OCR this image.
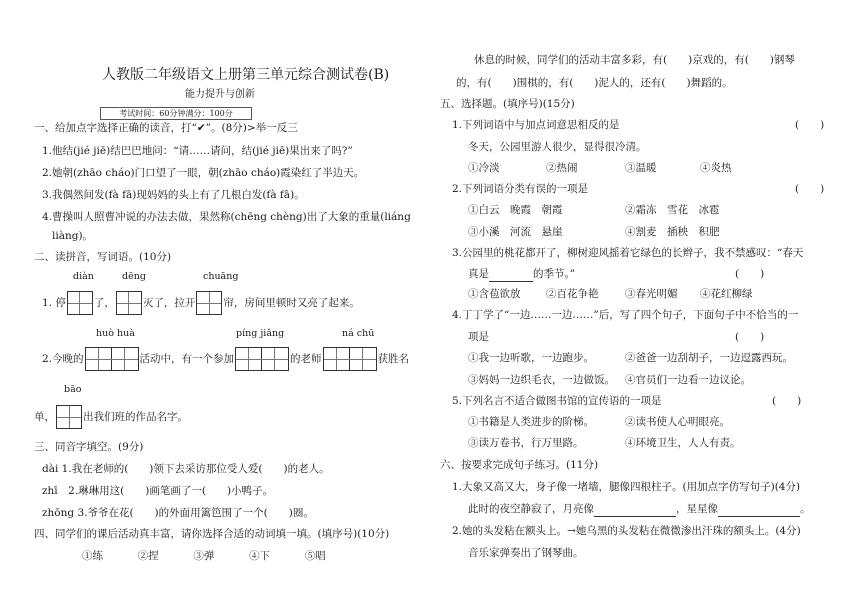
人教版二年级语文上册第三单元综合测试卷(B)
能力提升与创新
考试时间：60分钟满分：100分
一、给加点字选择正确的读音，打“✔”。(8分)>举一反三
1.他结(jié jiē)结巴巴地问：“请……请问，结(jié jiē)果出来了吗?”
2.她朝(zhāo cháo)门口望了一眼，朝(zhāo cháo)霞染红了半边天。
3.我偶然间发(fà fā)现妈妈的头上有了几根白发(fà fā)。
4.曹操叫人照曹冲说的办法去做，果然称(chēng chèng)出了大象的重量(liáng
liàng)。
二、读拼音，写词语。(10分)
diàn	dēng	chuāng
1. 停	了，	灭了，拉开	帘，房间里顿时又亮了起来。
huò huà	píng jiǎng	ná chū
2.今晚的	活动中，有一个参加	的老师	获胜名
bāo
单，	出我们班的作品名字。
三、同音字填空。(9分)
dài 1.我在老师的(　　)领下去采访那位受人爱(　　)的老人。
zhī　2.琳琳用这(　　)画笔画了一(　　)小鸭子。
zhōng 3.爷爷在花(　　)的外面用篱笆围了一个(　　)圈。
四、同学们的课后活动真丰富，请你选择合适的动词填一填。(填序号)(10分)
①练	②捏	③弹	④下	⑤唱
休息的时候，同学们的活动丰富多彩，有(　　)京戏的，有(　　)钢琴
的，有(　　)围棋的，有(　　)泥人的，还有(　　)舞蹈的。
五、选择题。(填序号)(15分)
1.下列词语中与加点词意思相反的是	(　　)
冬天，公园里游人很少，显得很冷清。
①冷淡	②热闹	③温暖	④炎热
2.下列词语分类有误的一项是	(　　)
①白云　晚霞　朝霞	②霜冻　雪花　冰雹
③小溪　河流　悬崖	④割麦　插秧　积肥
3.公园里的桃花都开了，柳树迎风摇着它绿色的长辫子，我不禁感叹：“春天
真是	的季节。”	(　　)
①含苞欲放 ②百花争艳	③春光明媚 ④花红柳绿
4.丁丁学了“一边……一边……”后，写了四个句子，下面句子中不恰当的一
项是	(　　)
①我一边听歌，一边跑步。	②爸爸一边刮胡子，一边逗露西玩。
③妈妈一边织毛衣，一边做饭。 ④官员们一边看一边议论。
5.下列名言不适合做图书馆的宣传语的一项是	(　　)
①书籍是人类进步的阶梯。	②读书使人心明眼亮。
③读万卷书，行万里路。	④环境卫生，人人有责。
六、按要求完成句子练习。(11分)
1.大象又高又大，身子像一堵墙，腿像四根柱子。(用加点字仿写句子)(4分)
此时的夜空静寂了，月亮像	，星星像	。
2.她的头发粘在额头上。→她乌黑的头发粘在微微渗出汗珠的额头上。(4分)
音乐家弹奏出了钢琴曲。
